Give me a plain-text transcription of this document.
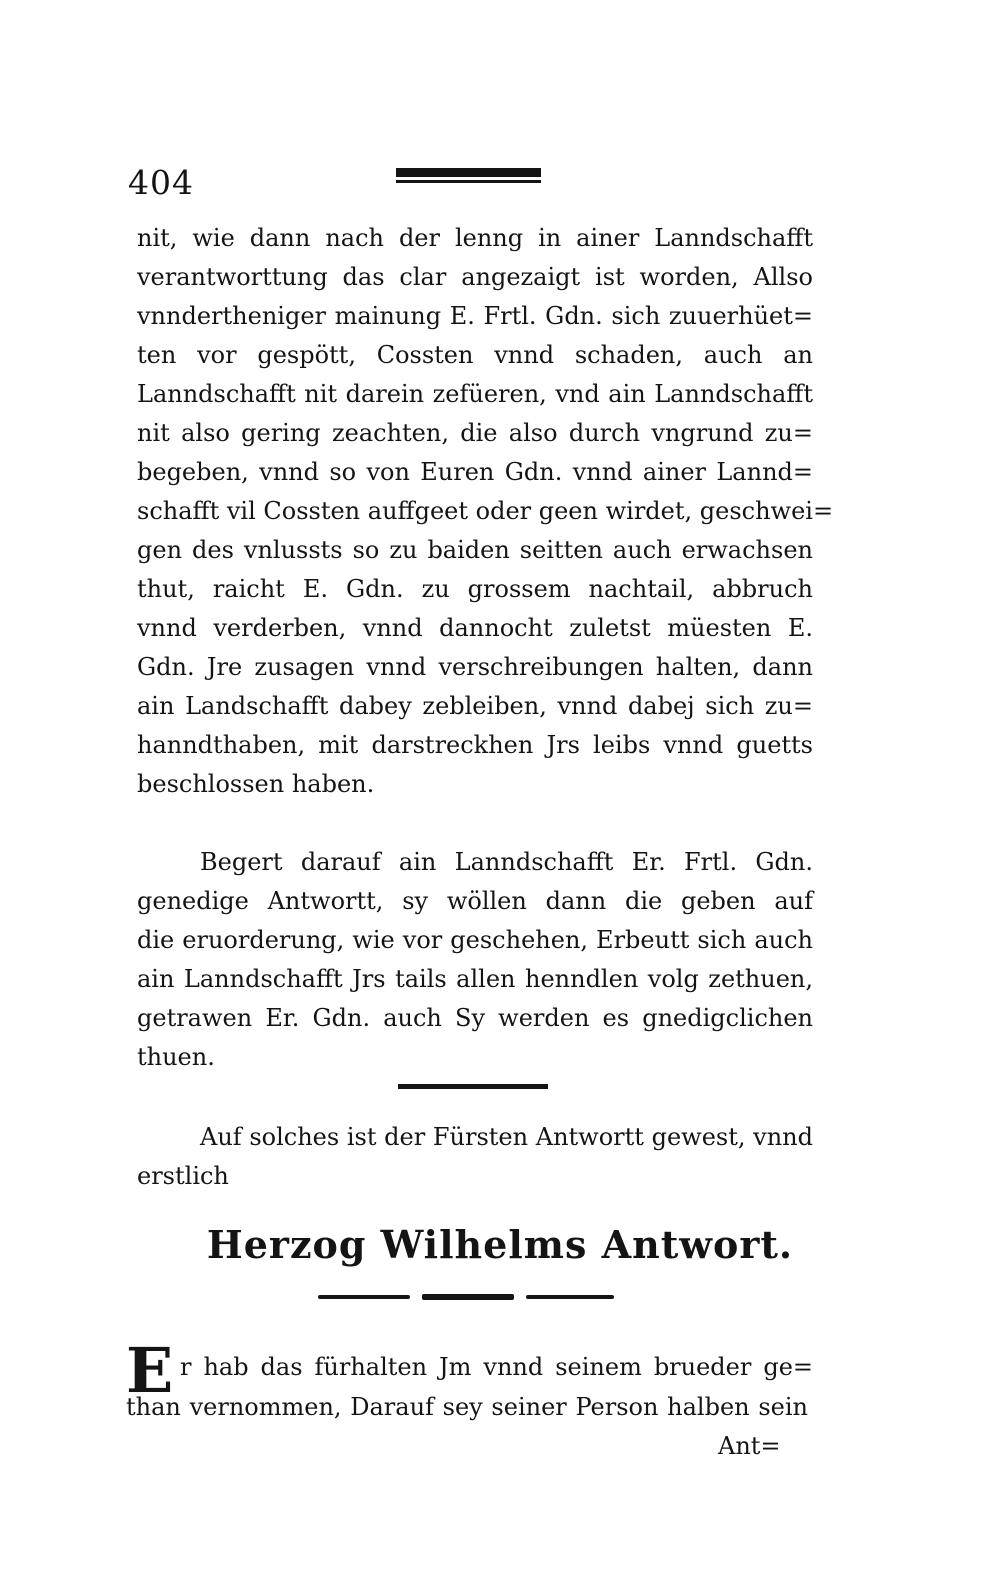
404
nit, wie dann nach der lenng in ainer Lanndschafft
verantworttung das clar angezaigt ist worden, Allso
vnndertheniger mainung E. Frtl. Gdn. sich zuuerhüet=
ten vor gespött, Cossten vnnd schaden, auch an
Lanndschafft nit darein zefüeren, vnd ain Lanndschafft
nit also gering zeachten, die also durch vngrund zu=
begeben, vnnd so von Euren Gdn. vnnd ainer Lannd=
schafft vil Cossten auffgeet oder geen wirdet, geschwei=
gen des vnlussts so zu baiden seitten auch erwachsen
thut, raicht E. Gdn. zu grossem nachtail, abbruch
vnnd verderben, vnnd dannocht zuletst müesten E.
Gdn. Jre zusagen vnnd verschreibungen halten, dann
ain Landschafft dabey zebleiben, vnnd dabej sich zu=
hanndthaben, mit darstreckhen Jrs leibs vnnd guetts
beschlossen haben.
Begert darauf ain Lanndschafft Er. Frtl. Gdn.
genedige Antwortt, sy wöllen dann die geben auf
die eruorderung, wie vor geschehen, Erbeutt sich auch
ain Lanndschafft Jrs tails allen henndlen volg zethuen,
getrawen Er. Gdn. auch Sy werden es gnedigclichen
thuen.
Auf solches ist der Fürsten Antwortt gewest, vnnd
erstlich
Herzog Wilhelms Antwort.
E r hab das fürhalten Jm vnnd seinem brueder ge=
than vernommen, Darauf sey seiner Person halben sein
Ant=
